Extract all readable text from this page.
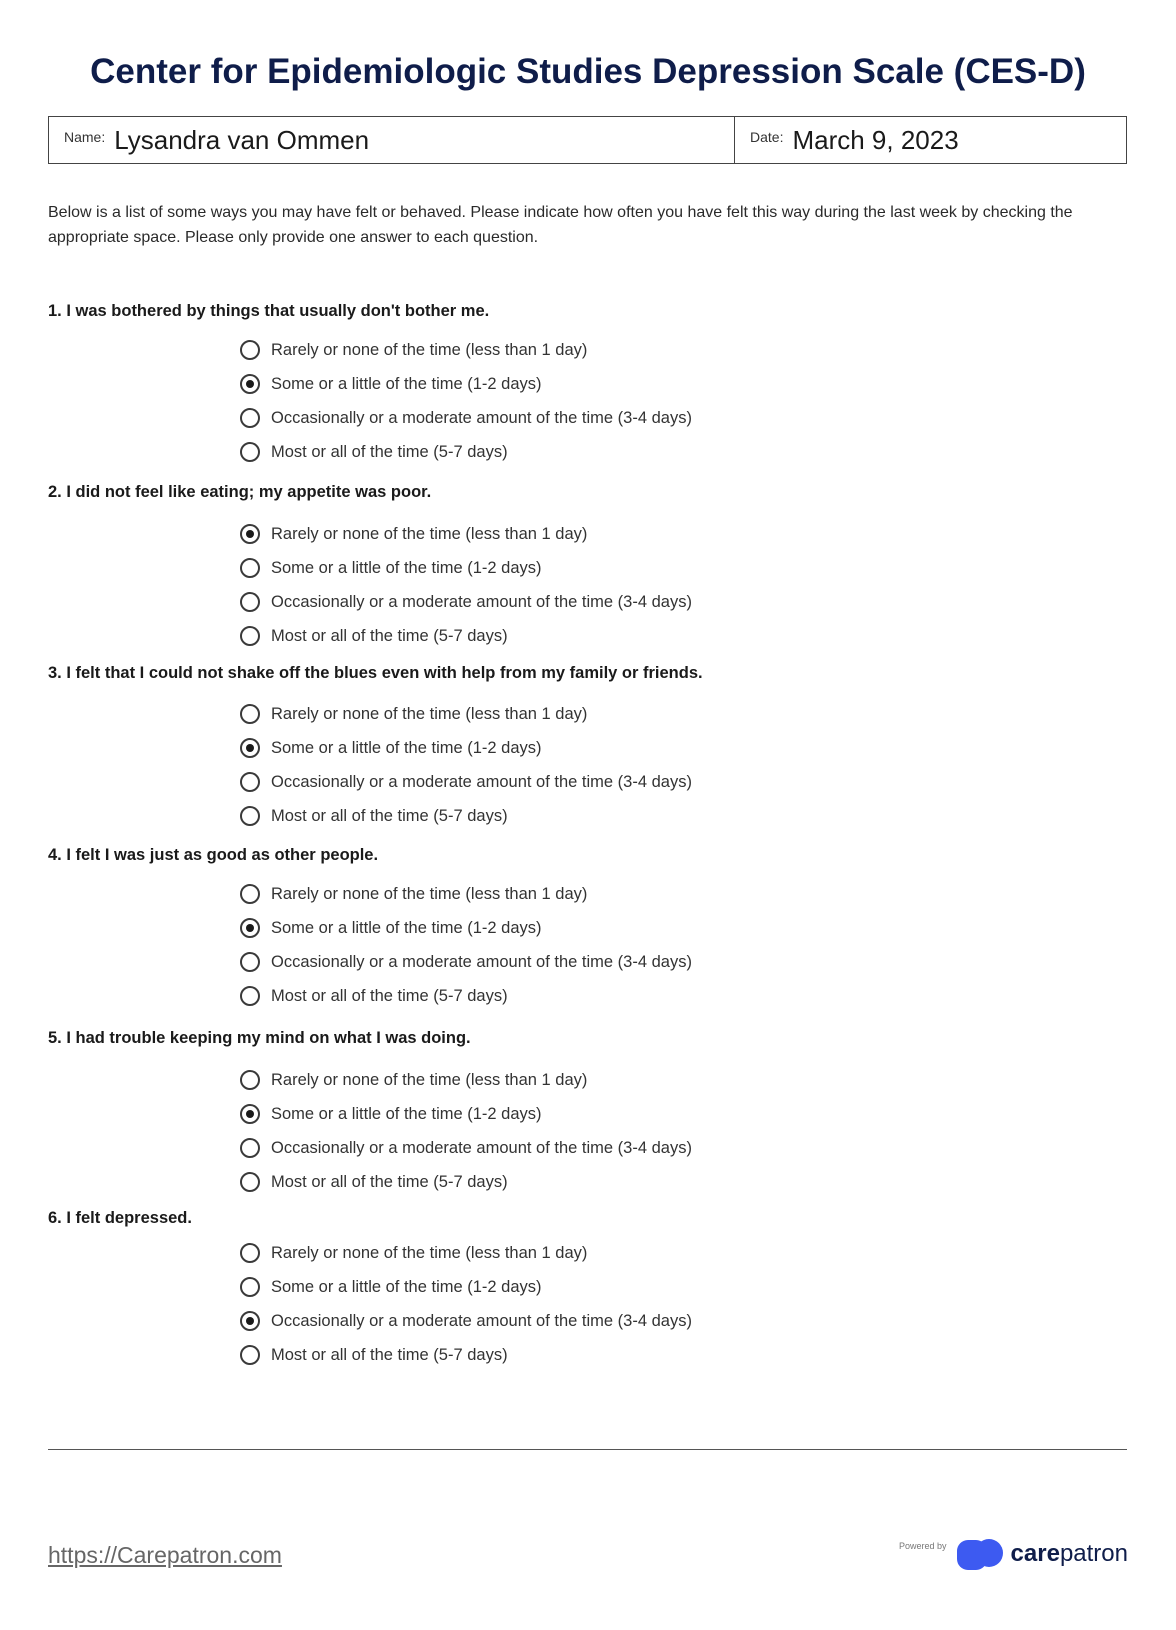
Center for Epidemiologic Studies Depression Scale (CES-D)
Name: Lysandra van Ommen	Date: March 9, 2023

Below is a list of some ways you may have felt or behaved. Please indicate how often you have felt this way during the last week by checking the appropriate space. Please only provide one answer to each question.

1. I was bothered by things that usually don't bother me.
Rarely or none of the time (less than 1 day)
Some or a little of the time (1-2 days)
Occasionally or a moderate amount of the time (3-4 days)
Most or all of the time (5-7 days)
2. I did not feel like eating; my appetite was poor.
Rarely or none of the time (less than 1 day)
Some or a little of the time (1-2 days)
Occasionally or a moderate amount of the time (3-4 days)
Most or all of the time (5-7 days)
3. I felt that I could not shake off the blues even with help from my family or friends.
Rarely or none of the time (less than 1 day)
Some or a little of the time (1-2 days)
Occasionally or a moderate amount of the time (3-4 days)
Most or all of the time (5-7 days)
4. I felt I was just as good as other people.
Rarely or none of the time (less than 1 day)
Some or a little of the time (1-2 days)
Occasionally or a moderate amount of the time (3-4 days)
Most or all of the time (5-7 days)
5. I had trouble keeping my mind on what I was doing.
Rarely or none of the time (less than 1 day)
Some or a little of the time (1-2 days)
Occasionally or a moderate amount of the time (3-4 days)
Most or all of the time (5-7 days)
6. I felt depressed.
Rarely or none of the time (less than 1 day)
Some or a little of the time (1-2 days)
Occasionally or a moderate amount of the time (3-4 days)
Most or all of the time (5-7 days)
https://Carepatron.com	Powered by	carepatron
